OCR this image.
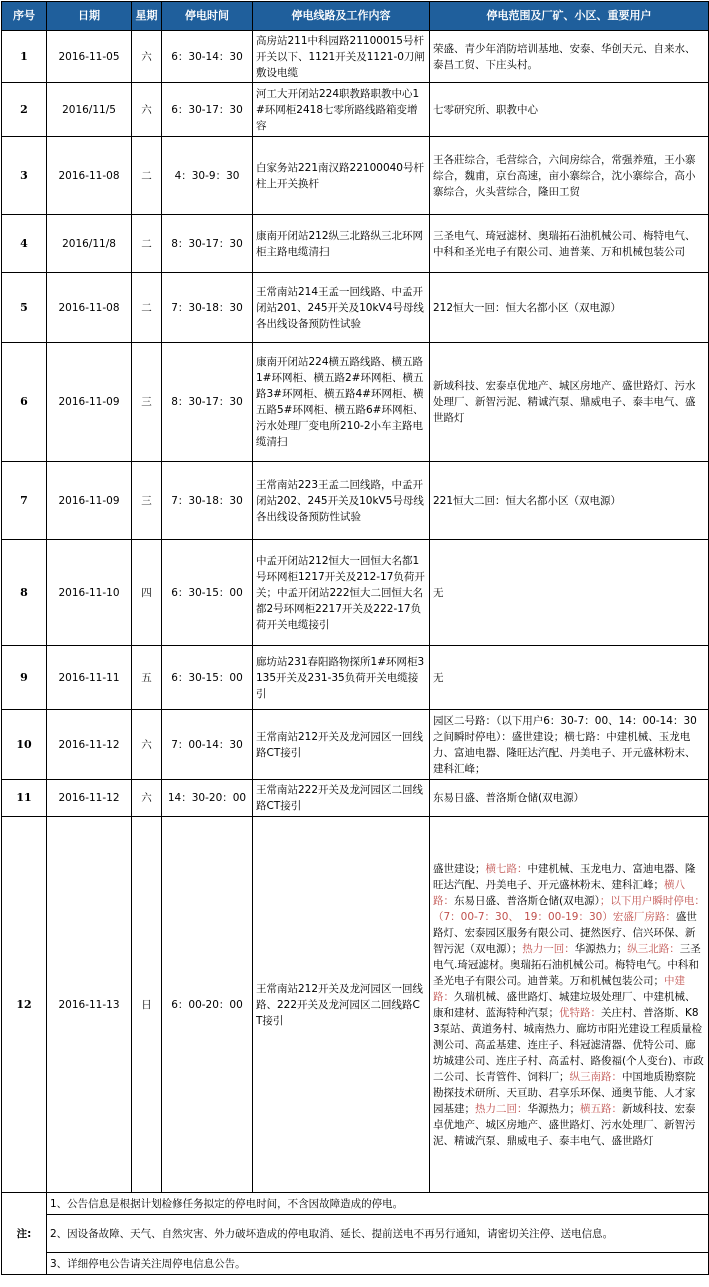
序号	日期	星期	停电时间	停电线路及工作内容	停电范围及厂矿、小区、重要用户
1	2016-11-05	六	6：30-14：30	高房站211中科园路21100015号杆开关以下、1121开关及1121-0刀闸敷设电缆	荣盛、青少年消防培训基地、安泰、华创天元、自来水、泰昌工贸、下庄头村。
2	2016/11/5	六	6：30-17：30	河工大开闭站224职教路职教中心1#环网柜2418七零所路线路箱变增容	七零研究所、职教中心
3	2016-11-08	二	4：30-9：30	白家务站221南汉路22100040号杆柱上开关换杆	王各莊综合，毛营综合，六间房综合，常强养殖，王小寨综合，魏甫，京台高速，亩小寨综合，沈小寨综合，高小寨综合，火头营综合，隆田工贸
4	2016/11/8	二	8：30-17：30	康南开闭站212纵三北路纵三北环网柜主路电缆清扫	三圣电气、琦冠滤材、奥瑞拓石油机械公司、梅特电气、中科和圣光电子有限公司、迪普莱、万和机械包装公司
5	2016-11-08	二	7：30-18：30	王常南站214王孟一回线路、中孟开闭站201、245开关及10kV4号母线各出线设备预防性试验	212恒大一回：恒大名都小区（双电源）
6	2016-11-09	三	8：30-17：30	康南开闭站224横五路线路、横五路1#环网柜、横五路2#环网柜、横五路3#环网柜、横五路4#环网柜、横五路5#环网柜、横五路6#环网柜、污水处理厂变电所210-2小车主路电缆清扫	新域科技、宏泰卓优地产、城区房地产、盛世路灯、污水处理厂、新智污泥、精诚汽泵、鼎威电子、泰丰电气、盛世路灯
7	2016-11-09	三	7：30-18：30	王常南站223王孟二回线路，中孟开闭站202、245开关及10kV5号母线各出线设备预防性试验	221恒大二回：恒大名都小区（双电源）
8	2016-11-10	四	6：30-15：00	中孟开闭站212恒大一回恒大名都1号环网柜1217开关及212-17负荷开关；中孟开闭站222恒大二回恒大名都2号环网柜2217开关及222-17负荷开关电缆接引	无
9	2016-11-11	五	6：30-15：00	廊坊站231春阳路物探所1#环网柜3135开关及231-35负荷开关电缆接引	无
10	2016-11-12	六	7：00-14：30	王常南站212开关及龙河园区一回线路CT接引	园区二号路：（以下用户6：30-7：00、14：00-14：30之间瞬时停电）：盛世建设；横七路：中建机械、玉龙电力、富迪电器、隆旺达汽配、丹美电子、开元盛林粉末、建科汇峰；
11	2016-11-12	六	14：30-20：00	王常南站222开关及龙河园区二回线路CT接引	东易日盛、普洛斯仓储(双电源）
12	2016-11-13	日	6：00-20：00	王常南站212开关及龙河园区一回线路、222开关及龙河园区二回线路CT接引	盛世建设；横七路：中建机械、玉龙电力、富迪电器、隆旺达汽配、丹美电子、开元盛林粉末、建科汇峰；横八路：东易日盛、普洛斯仓储(双电源）；以下用户瞬时停电：（7：00-7：30、　19：00-19：30）宏盛厂房路：盛世路灯、宏泰园区服务有限公司、捷然医疗、信兴环保、新智污泥（双电源）；热力一回：华源热力；纵三北路：三圣电气.琦冠滤材。奥瑞拓石油机械公司。梅特电气。中科和圣光电子有限公司。迪普莱。万和机械包装公司；中建路：久瑞机械、盛世路灯、城建垃圾处理厂、中建机械、康和建材、蓝海特种汽泵；优特路：关庄村、普洛斯、K83泵站、黄道务村、城南热力、廊坊市阳光建设工程质量检测公司、高孟基建、连庄子、科冠滤清器、优特公司、廊坊城建公司、连庄子村、高孟村、路俊福(个人变台)、市政二公司、长青管件、饲料厂；纵三南路：中国地质勘察院勘探技术研所、天亘助、君享乐环保、通奥节能、人才家园基建；热力二回：华源热力；横五路：新域科技、宏泰卓优地产、城区房地产、盛世路灯、污水处理厂、新智污泥、精诚汽泵、鼎威电子、泰丰电气、盛世路灯
注:	1、公告信息是根据计划检修任务拟定的停电时间，不含因故障造成的停电。				
	2、因设备故障、天气、自然灾害、外力破坏造成的停电取消、延长、提前送电不再另行通知，请密切关注停、送电信息。				
	3、详细停电公告请关注周停电信息公告。				
